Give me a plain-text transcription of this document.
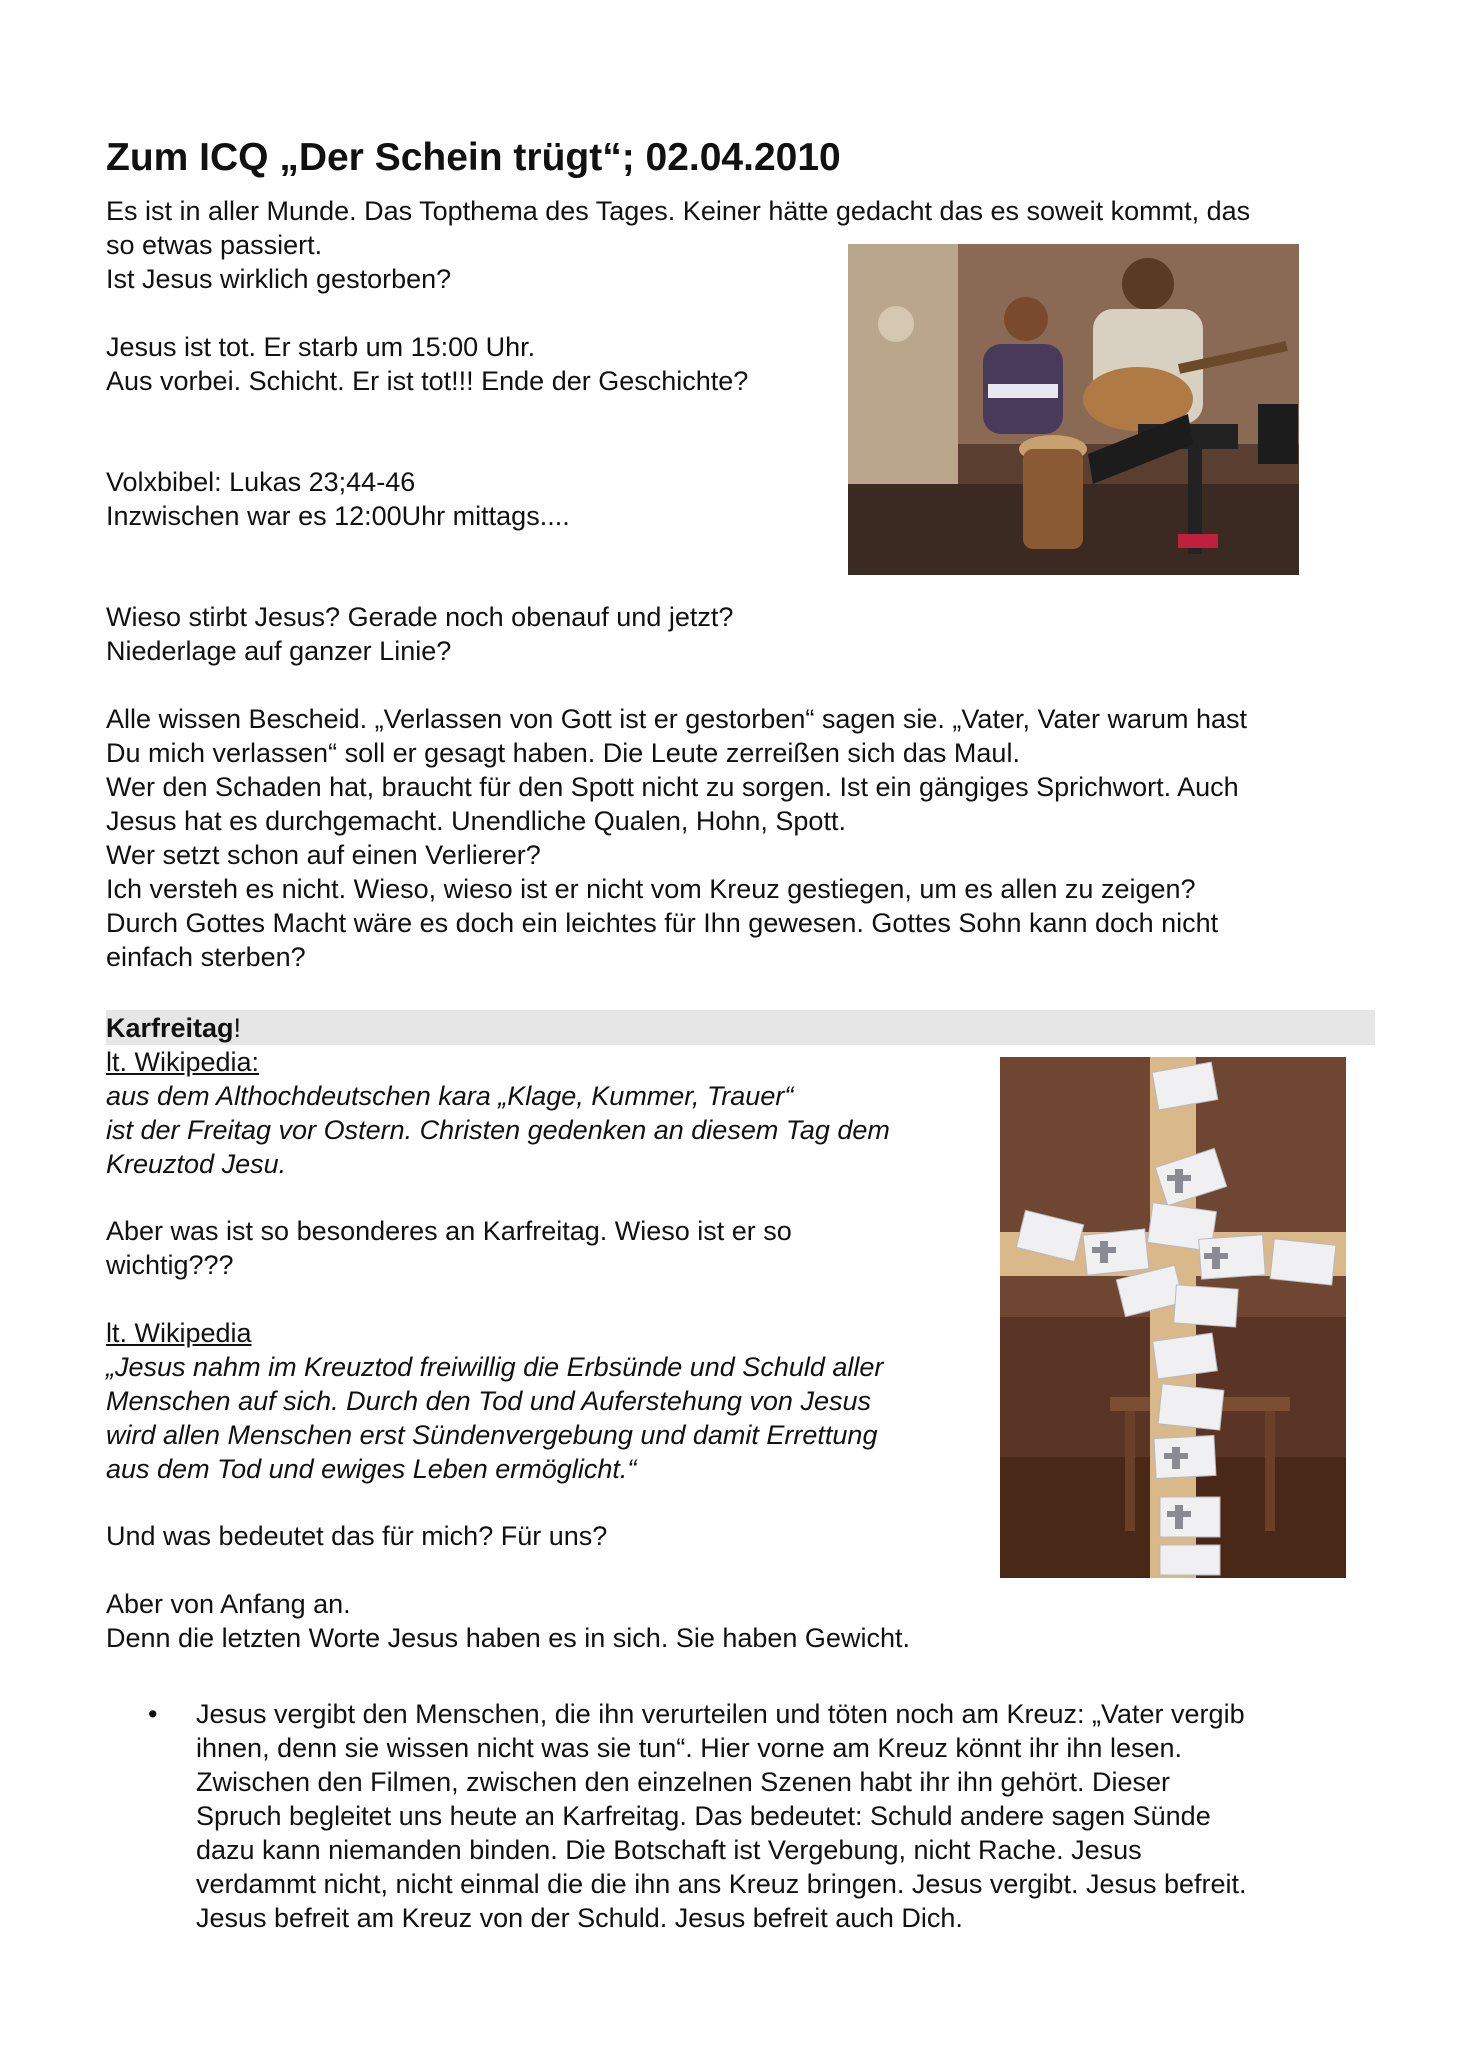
Zum ICQ „Der Schein trügt“; 02.04.2010

Es ist in aller Munde. Das Topthema des Tages. Keiner hätte gedacht das es soweit kommt, das

so etwas passiert.

Ist Jesus wirklich gestorben?

Jesus ist tot. Er starb um 15:00 Uhr.

Aus vorbei. Schicht. Er ist tot!!! Ende der Geschichte?

Volxbibel: Lukas 23;44-46

Inzwischen war es 12:00Uhr mittags....

Wieso stirbt Jesus? Gerade noch obenauf und jetzt?

Niederlage auf ganzer Linie?

Alle wissen Bescheid. „Verlassen von Gott ist er gestorben“ sagen sie. „Vater, Vater warum hast

Du mich verlassen“ soll er gesagt haben. Die Leute zerreißen sich das Maul.

Wer den Schaden hat, braucht für den Spott nicht zu sorgen. Ist ein gängiges Sprichwort. Auch

Jesus hat es durchgemacht. Unendliche Qualen, Hohn, Spott.

Wer setzt schon auf einen Verlierer?

Ich versteh es nicht. Wieso, wieso ist er nicht vom Kreuz gestiegen, um es allen zu zeigen?

Durch Gottes Macht wäre es doch ein leichtes für Ihn gewesen. Gottes Sohn kann doch nicht

einfach sterben?

Karfreitag!

lt. Wikipedia:

aus dem Althochdeutschen kara „Klage, Kummer, Trauer“

ist der Freitag vor Ostern. Christen gedenken an diesem Tag dem

Kreuztod Jesu.

Aber was ist so besonderes an Karfreitag. Wieso ist er so

wichtig???

lt. Wikipedia

„Jesus nahm im Kreuztod freiwillig die Erbsünde und Schuld aller

Menschen auf sich. Durch den Tod und Auferstehung von Jesus

wird allen Menschen erst Sündenvergebung und damit Errettung

aus dem Tod und ewiges Leben ermöglicht.“

Und was bedeutet das für mich? Für uns?

Aber von Anfang an.

Denn die letzten Worte Jesus haben es in sich. Sie haben Gewicht.

• Jesus vergibt den Menschen, die ihn verurteilen und töten noch am Kreuz: „Vater vergib

ihnen, denn sie wissen nicht was sie tun“. Hier vorne am Kreuz könnt ihr ihn lesen.

Zwischen den Filmen, zwischen den einzelnen Szenen habt ihr ihn gehört. Dieser

Spruch begleitet uns heute an Karfreitag. Das bedeutet: Schuld andere sagen Sünde

dazu kann niemanden binden. Die Botschaft ist Vergebung, nicht Rache. Jesus

verdammt nicht, nicht einmal die die ihn ans Kreuz bringen. Jesus vergibt. Jesus befreit.

Jesus befreit am Kreuz von der Schuld. Jesus befreit auch Dich.
